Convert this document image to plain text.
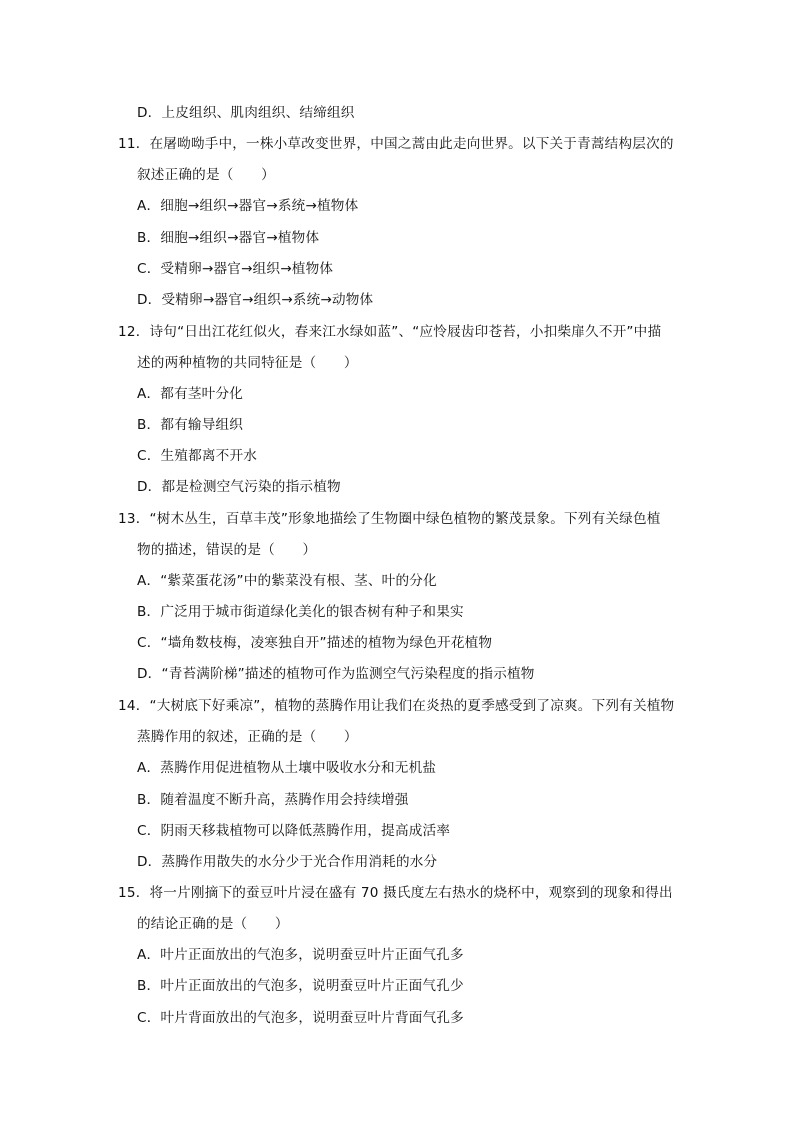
D．上皮组织、肌肉组织、结缔组织
11．在屠呦呦手中，一株小草改变世界，中国之蒿由此走向世界。以下关于青蒿结构层次的
叙述正确的是（　　）
A．细胞→组织→器官→系统→植物体
B．细胞→组织→器官→植物体
C．受精卵→器官→组织→植物体
D．受精卵→器官→组织→系统→动物体
12．诗句“日出江花红似火，春来江水绿如蓝”、“应怜屐齿印苍苔，小扣柴扉久不开”中描
述的两种植物的共同特征是（　　）
A．都有茎叶分化
B．都有输导组织
C．生殖都离不开水
D．都是检测空气污染的指示植物
13．“树木丛生，百草丰茂”形象地描绘了生物圈中绿色植物的繁茂景象。下列有关绿色植
物的描述，错误的是（　　）
A．“紫菜蛋花汤”中的紫菜没有根、茎、叶的分化
B．广泛用于城市街道绿化美化的银杏树有种子和果实
C．“墙角数枝梅，凌寒独自开”描述的植物为绿色开花植物
D．“青苔满阶梯”描述的植物可作为监测空气污染程度的指示植物
14．“大树底下好乘凉”，植物的蒸腾作用让我们在炎热的夏季感受到了凉爽。下列有关植物
蒸腾作用的叙述，正确的是（　　）
A．蒸腾作用促进植物从土壤中吸收水分和无机盐
B．随着温度不断升高，蒸腾作用会持续增强
C．阴雨天移栽植物可以降低蒸腾作用，提高成活率
D．蒸腾作用散失的水分少于光合作用消耗的水分
15．将一片刚摘下的蚕豆叶片浸在盛有 70 摄氏度左右热水的烧杯中，观察到的现象和得出
的结论正确的是（　　）
A．叶片正面放出的气泡多，说明蚕豆叶片正面气孔多
B．叶片正面放出的气泡多，说明蚕豆叶片正面气孔少
C．叶片背面放出的气泡多，说明蚕豆叶片背面气孔多
